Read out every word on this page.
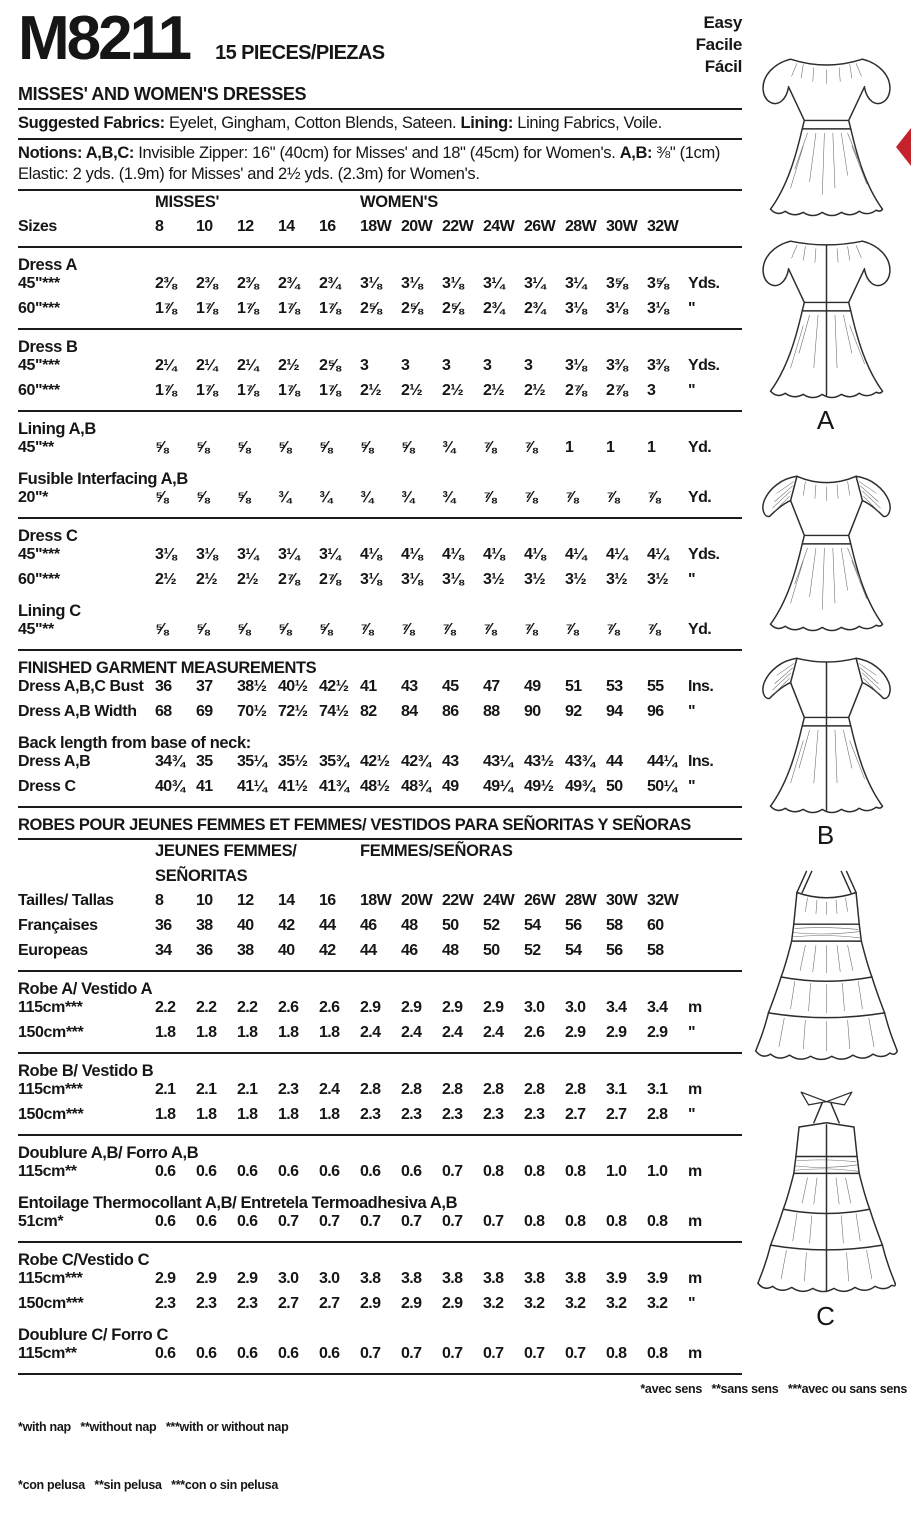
M8211 15 PIECES/PIEZAS
Easy
Facile
Fácil
MISSES' AND WOMEN'S DRESSES

Suggested Fabrics: Eyelet, Gingham, Cotton Blends, Sateen. Lining: Lining Fabrics, Voile.

Notions: A,B,C: Invisible Zipper: 16" (40cm) for Misses' and 18" (45cm) for Women's. A,B: ⅜" (1cm) Elastic: 2 yds. (1.9m) for Misses' and 2½ yds. (2.3m) for Women's.

MISSES'	WOMEN'S
Sizes	8	10	12	14	16	18W 20W 22W 24W 26W 28W 30W 32W
Dress A
45"***	2⅜	2⅜	2⅜	2¾	2¾	3⅛	3⅛	3⅛	3¼	3¼	3¼	3⅝	3⅝	Yds.
60"***	1⅞	1⅞	1⅞	1⅞	1⅞	2⅝	2⅝	2⅝	2¾	2¾	3⅛	3⅛	3⅛	"
Dress B
45"***	2¼	2¼	2¼	2½	2⅝	3	3	3	3	3	3⅛	3⅜	3⅜	Yds.
60"***	1⅞	1⅞	1⅞	1⅞	1⅞	2½	2½	2½	2½	2½	2⅞	2⅞	3	"
Lining A,B
45"**	⅝	⅝	⅝	⅝	⅝	⅝	⅝	¾	⅞	⅞	1	1	1	Yd.
Fusible Interfacing A,B
20"*	⅝	⅝	⅝	¾	¾	¾	¾	¾	⅞	⅞	⅞	⅞	⅞	Yd.
Dress C
45"***	3⅛	3⅛	3¼	3¼	3¼	4⅛	4⅛	4⅛	4⅛	4⅛	4¼	4¼	4¼	Yds.
60"***	2½	2½	2½	2⅞	2⅞	3⅛	3⅛	3⅛	3½	3½	3½	3½	3½	"
Lining C
45"**	⅝	⅝	⅝	⅝	⅝	⅞	⅞	⅞	⅞	⅞	⅞	⅞	⅞	Yd.
FINISHED GARMENT MEASUREMENTS
Dress A,B,C Bust 36	37	38½ 40½ 42½ 41	43	45	47	49	51	53	55	Ins.
Dress A,B Width	68	69	70½ 72½ 74½ 82	84	86	88	90	92	94	96	"
Back length from base of neck:
Dress A,B	34¾ 35	35¼ 35½ 35¾ 42½ 42¾ 43	43¼ 43½ 43¾ 44	44¼ Ins.
Dress C	40¾ 41	41¼ 41½ 41¾ 48½ 48¾ 49	49¼ 49½ 49¾ 50	50¼ "
ROBES POUR JEUNES FEMMES ET FEMMES/ VESTIDOS PARA SEÑORITAS Y SEÑORAS
JEUNES FEMMES/	FEMMES/SEÑORAS
SEÑORITAS
Tailles/ Tallas	8	10	12	14	16	18W 20W 22W 24W 26W 28W 30W 32W
Françaises	36	38	40	42	44	46	48	50	52	54	56	58	60
Europeas	34	36	38	40	42	44	46	48	50	52	54	56	58
Robe A/ Vestido A
115cm***	2.2	2.2	2.2	2.6	2.6	2.9	2.9	2.9	2.9	3.0	3.0	3.4	3.4	m
150cm***	1.8	1.8	1.8	1.8	1.8	2.4	2.4	2.4	2.4	2.6	2.9	2.9	2.9	"
Robe B/ Vestido B
115cm***	2.1	2.1	2.1	2.3	2.4	2.8	2.8	2.8	2.8	2.8	2.8	3.1	3.1	m
150cm***	1.8	1.8	1.8	1.8	1.8	2.3	2.3	2.3	2.3	2.3	2.7	2.7	2.8	"
Doublure A,B/ Forro A,B
115cm**	0.6	0.6	0.6	0.6	0.6	0.6	0.6	0.7	0.8	0.8	0.8	1.0	1.0	m
Entoilage Thermocollant A,B/ Entretela Termoadhesiva A,B
51cm*	0.6	0.6	0.6	0.7	0.7	0.7	0.7	0.7	0.7	0.8	0.8	0.8	0.8	m
Robe C/Vestido C
115cm***	2.9	2.9	2.9	3.0	3.0	3.8	3.8	3.8	3.8	3.8	3.8	3.9	3.9	m
150cm***	2.3	2.3	2.3	2.7	2.7	2.9	2.9	2.9	3.2	3.2	3.2	3.2	3.2	"
Doublure C/ Forro C
115cm**	0.6	0.6	0.6	0.6	0.6	0.7	0.7	0.7	0.7	0.7	0.7	0.8	0.8	m

*with nap   **without nap   ***with or without nap

*con pelusa   **sin pelusa   ***con o sin pelusa

*avec sens   **sans sens   ***avec ou sans sens
A
B
C
